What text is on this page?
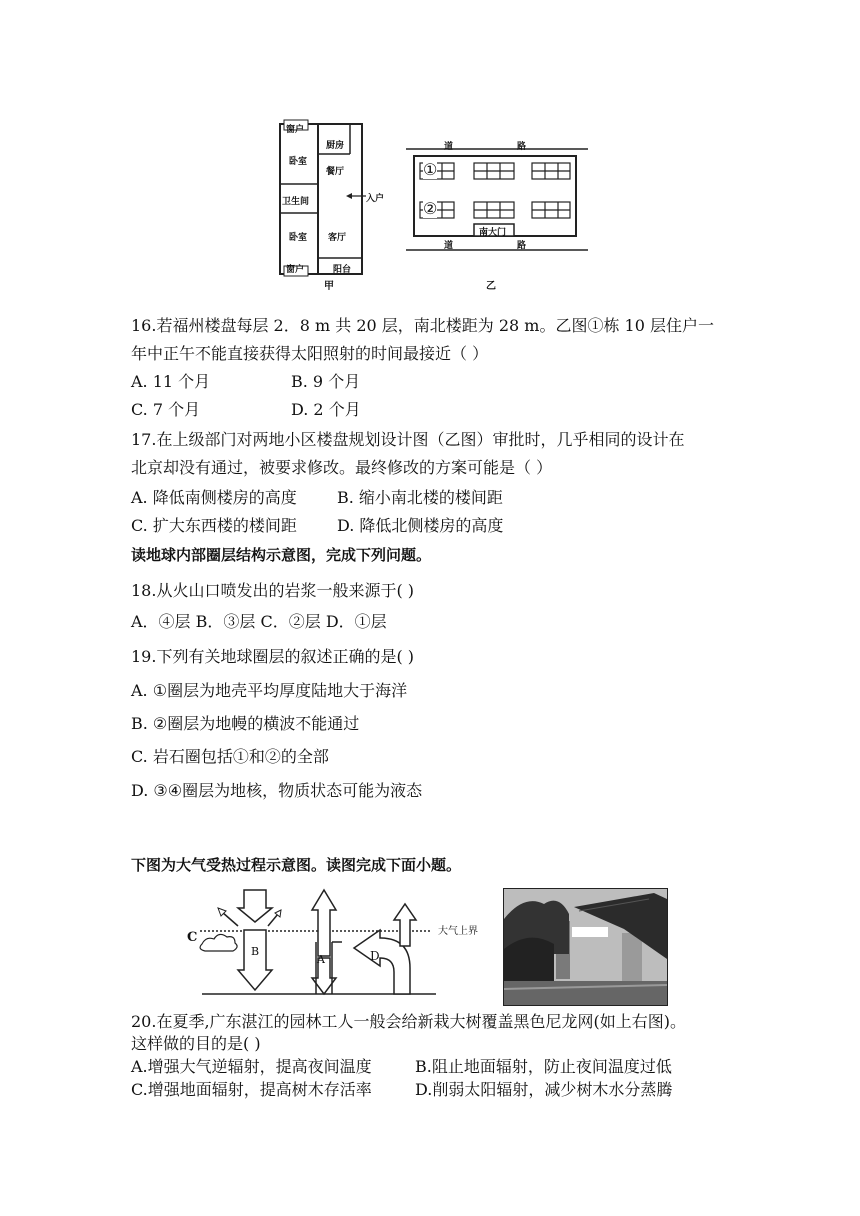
窗户
厨房
卧室
餐厅
卫生间	入户
卧室 客厅
窗户	阳台
甲
道	路
①
②
南大门
道	路
乙
16.若福州楼盘每层 2．8 m 共 20 层，南北楼距为 28 m。乙图①栋 10 层住户一
年中正午不能直接获得太阳照射的时间最接近（ ）
A. 11 个月	B. 9 个月
C. 7 个月	D. 2 个月
17.在上级部门对两地小区楼盘规划设计图（乙图）审批时，几乎相同的设计在
北京却没有通过，被要求修改。最终修改的方案可能是（ ）
A. 降低南侧楼房的高度	B. 缩小南北楼的楼间距
C. 扩大东西楼的楼间距	D. 降低北侧楼房的高度
读地球内部圈层结构示意图，完成下列问题。
18.从火山口喷发出的岩浆一般来源于( )
A．④层 B．③层 C．②层 D．①层
19.下列有关地球圈层的叙述正确的是( )
A. ①圈层为地壳平均厚度陆地大于海洋
B. ②圈层为地幔的横波不能通过
C. 岩石圈包括①和②的全部
D. ③④圈层为地核，物质状态可能为液态
下图为大气受热过程示意图。读图完成下面小题。
C
B
A	D
大气上界
20.在夏季,广东湛江的园林工人一般会给新栽大树覆盖黑色尼龙网(如上右图)。
这样做的目的是( )
A.增强大气逆辐射，提高夜间温度	B.阻止地面辐射，防止夜间温度过低
C.增强地面辐射，提高树木存活率	D.削弱太阳辐射，减少树木水分蒸腾
